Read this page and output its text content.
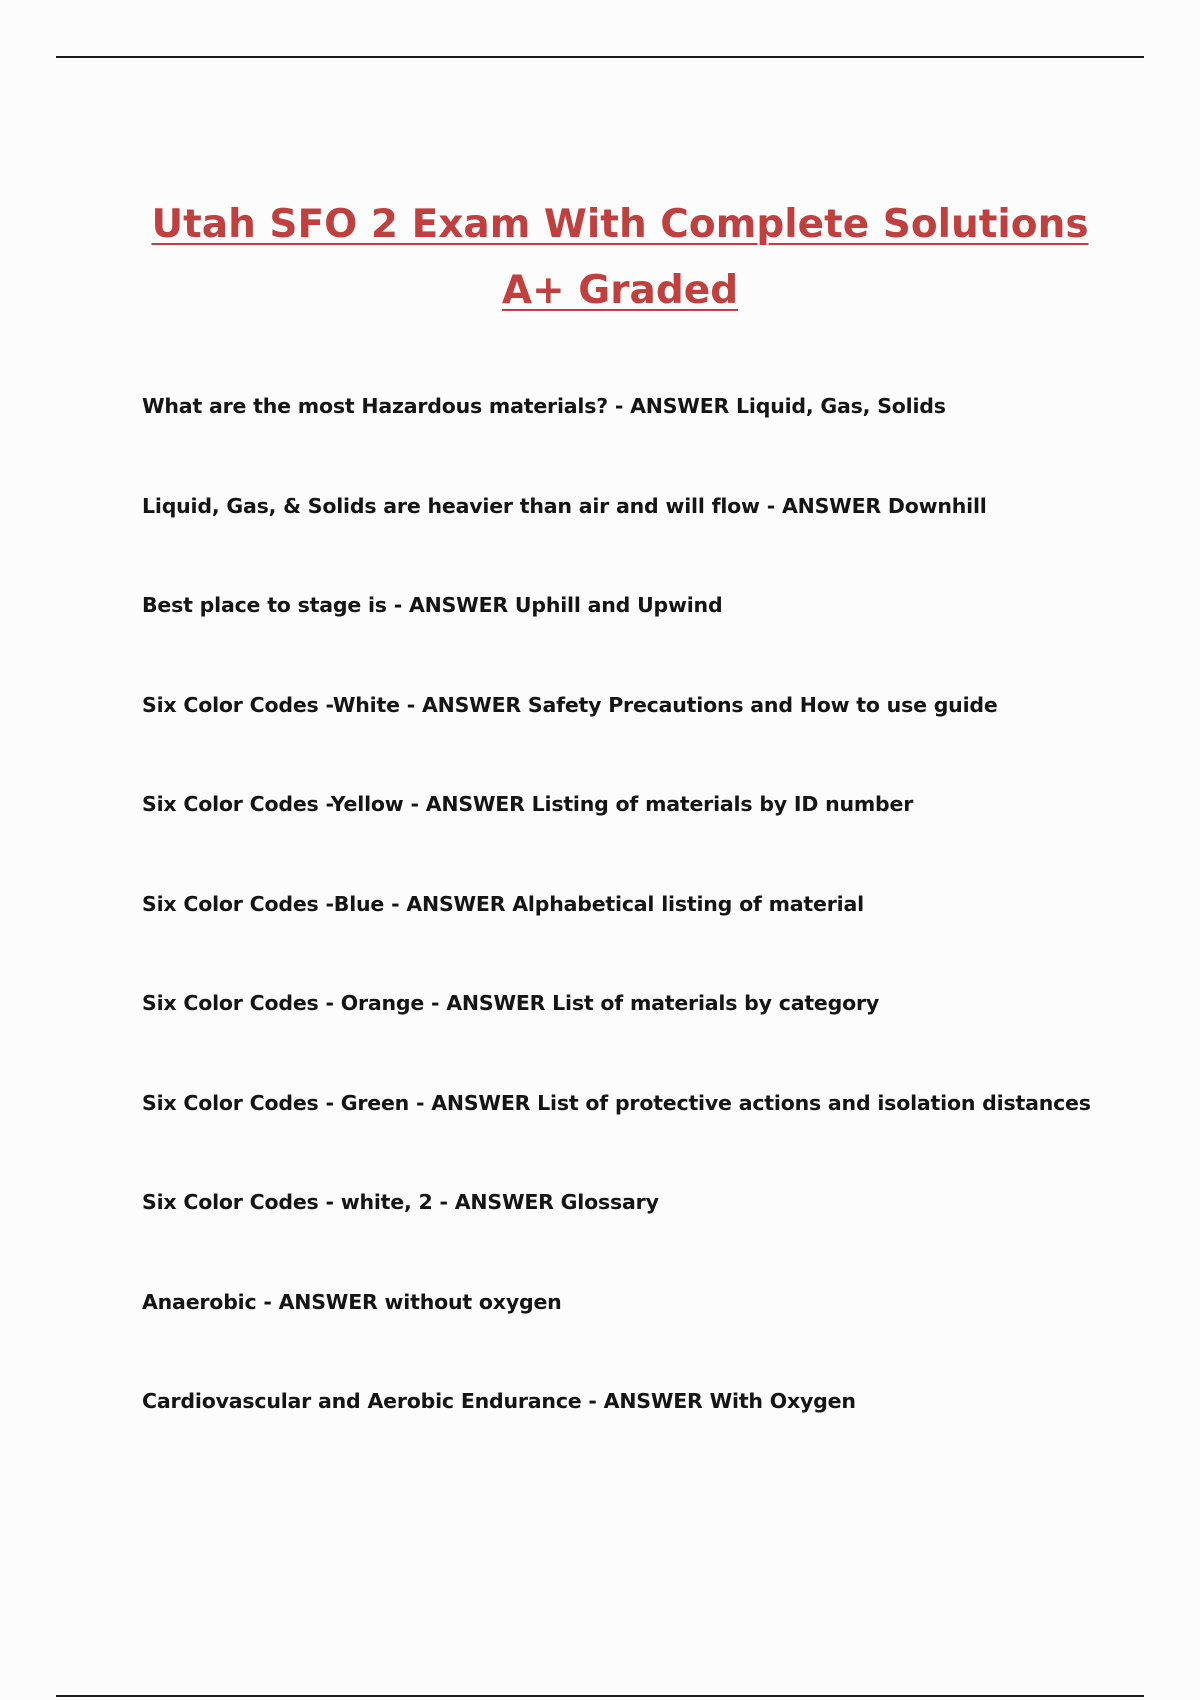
Utah SFO 2 Exam With Complete Solutions
A+ Graded
What are the most Hazardous materials? - ANSWER Liquid, Gas, Solids
Liquid, Gas, & Solids are heavier than air and will flow - ANSWER Downhill
Best place to stage is - ANSWER Uphill and Upwind
Six Color Codes -White - ANSWER Safety Precautions and How to use guide
Six Color Codes -Yellow - ANSWER Listing of materials by ID number
Six Color Codes -Blue - ANSWER Alphabetical listing of material
Six Color Codes - Orange - ANSWER List of materials by category
Six Color Codes - Green - ANSWER List of protective actions and isolation distances
Six Color Codes - white, 2 - ANSWER Glossary
Anaerobic - ANSWER without oxygen
Cardiovascular and Aerobic Endurance - ANSWER With Oxygen
